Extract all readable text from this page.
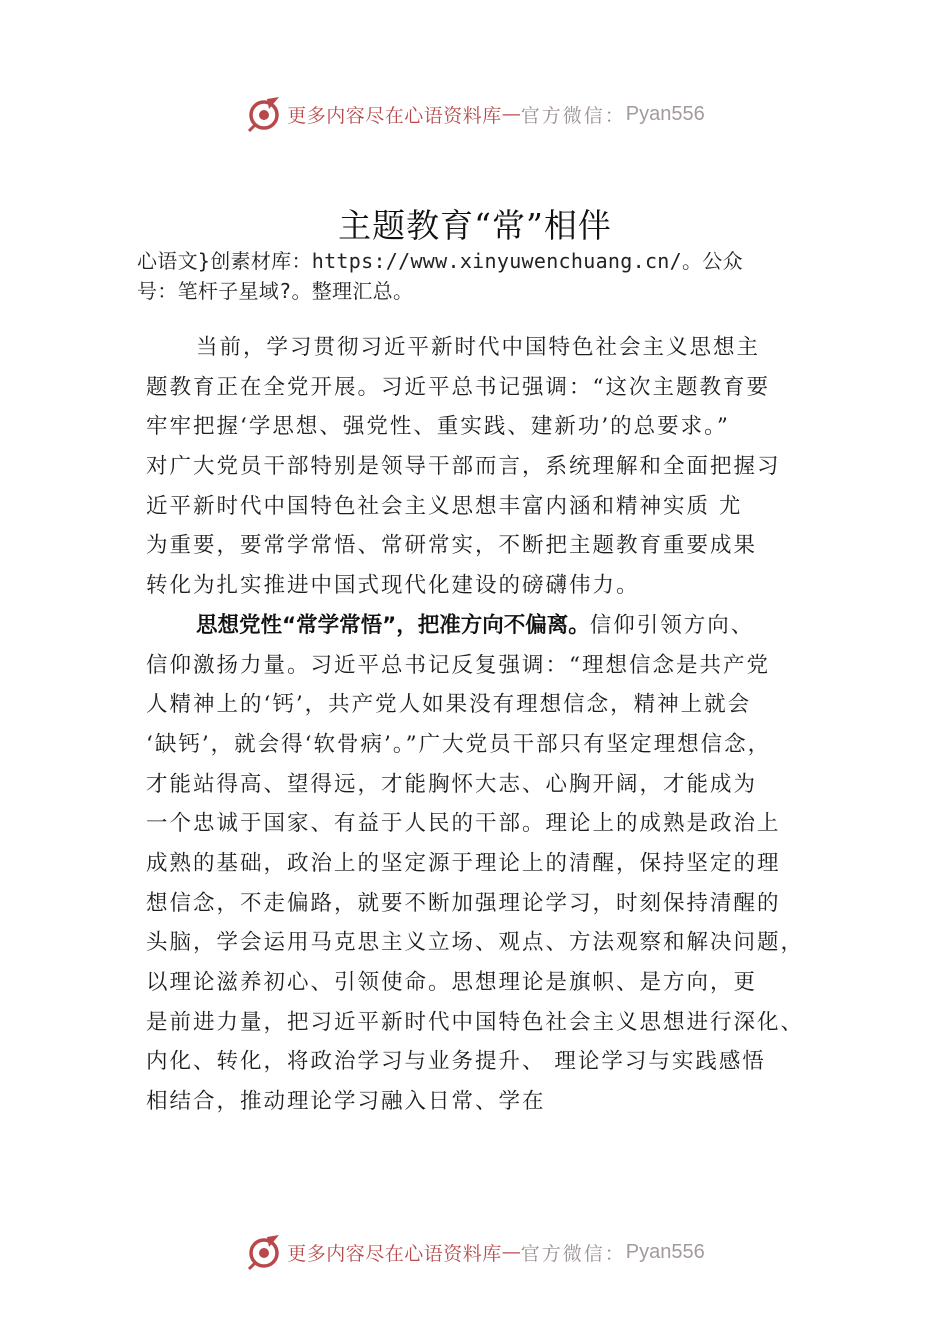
更多内容尽在心语资料库 — 官方微信： Pyan556
主题教育“常”相伴
心语文}创素材库：https://www.xinyuwenchuang.cn/。公众
号：笔杆子星域?。整理汇总。
当前，学习贯彻习近平新时代中国特色社会主义思想主
题教育正在全党开展。习近平总书记强调：“这次主题教育要
牢牢把握‘学思想、强党性、重实践、建新功’的总要求。”
对广大党员干部特别是领导干部而言，系统理解和全面把握习
近平新时代中国特色社会主义思想丰富内涵和精神实质 尤
为重要，要常学常悟、常研常实，不断把主题教育重要成果
转化为扎实推进中国式现代化建设的磅礴伟力。
思想党性“常学常悟”，把准方向不偏离。信仰引领方向、
信仰激扬力量。习近平总书记反复强调：“理想信念是共产党
人精神上的‘钙’，共产党人如果没有理想信念，精神上就会
‘缺钙’，就会得‘软骨病’。”广大党员干部只有坚定理想信念，
才能站得高、望得远，才能胸怀大志、心胸开阔，才能成为
一个忠诚于国家、有益于人民的干部。理论上的成熟是政治上
成熟的基础，政治上的坚定源于理论上的清醒，保持坚定的理
想信念，不走偏路，就要不断加强理论学习，时刻保持清醒的
头脑，学会运用马克思主义立场、观点、方法观察和解决问题，
以理论滋养初心、引领使命。思想理论是旗帜、是方向，更
是前进力量，把习近平新时代中国特色社会主义思想进行深化、
内化、转化，将政治学习与业务提升、 理论学习与实践感悟
相结合，推动理论学习融入日常、学在
更多内容尽在心语资料库 — 官方微信： Pyan556
